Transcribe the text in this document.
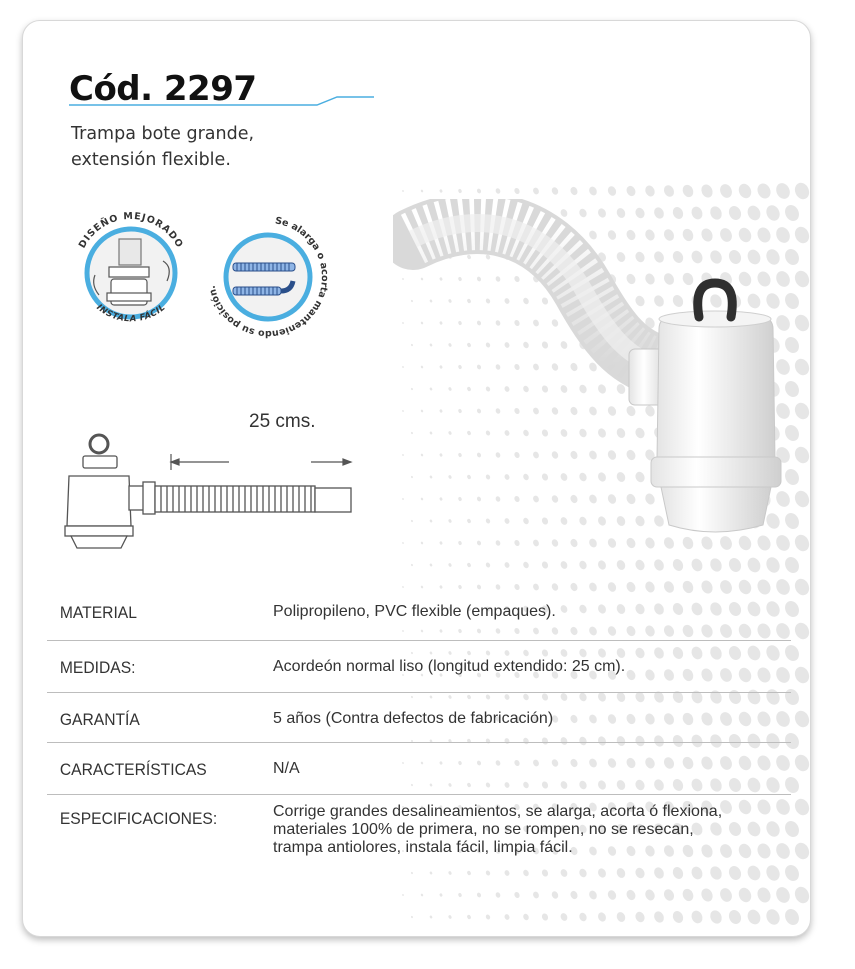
Cód. 2297
Trampa bote grande,
extensión flexible.
DISEÑO MEJORADO
INSTALA FÁCIL
Se alarga o acorta manteniendo su posición.
25 cms.
MATERIAL	Polipropileno, PVC flexible (empaques).
MEDIDAS:	Acordeón normal liso (longitud extendido: 25 cm).
GARANTÍA	5 años (Contra defectos de fabricación)
CARACTERÍSTICAS	N/A
ESPECIFICACIONES:	Corrige grandes desalineamientos, se alarga, acorta ó flexiona,
materiales 100% de primera, no se rompen, no se resecan,
trampa antiolores, instala fácil, limpia fácil.
